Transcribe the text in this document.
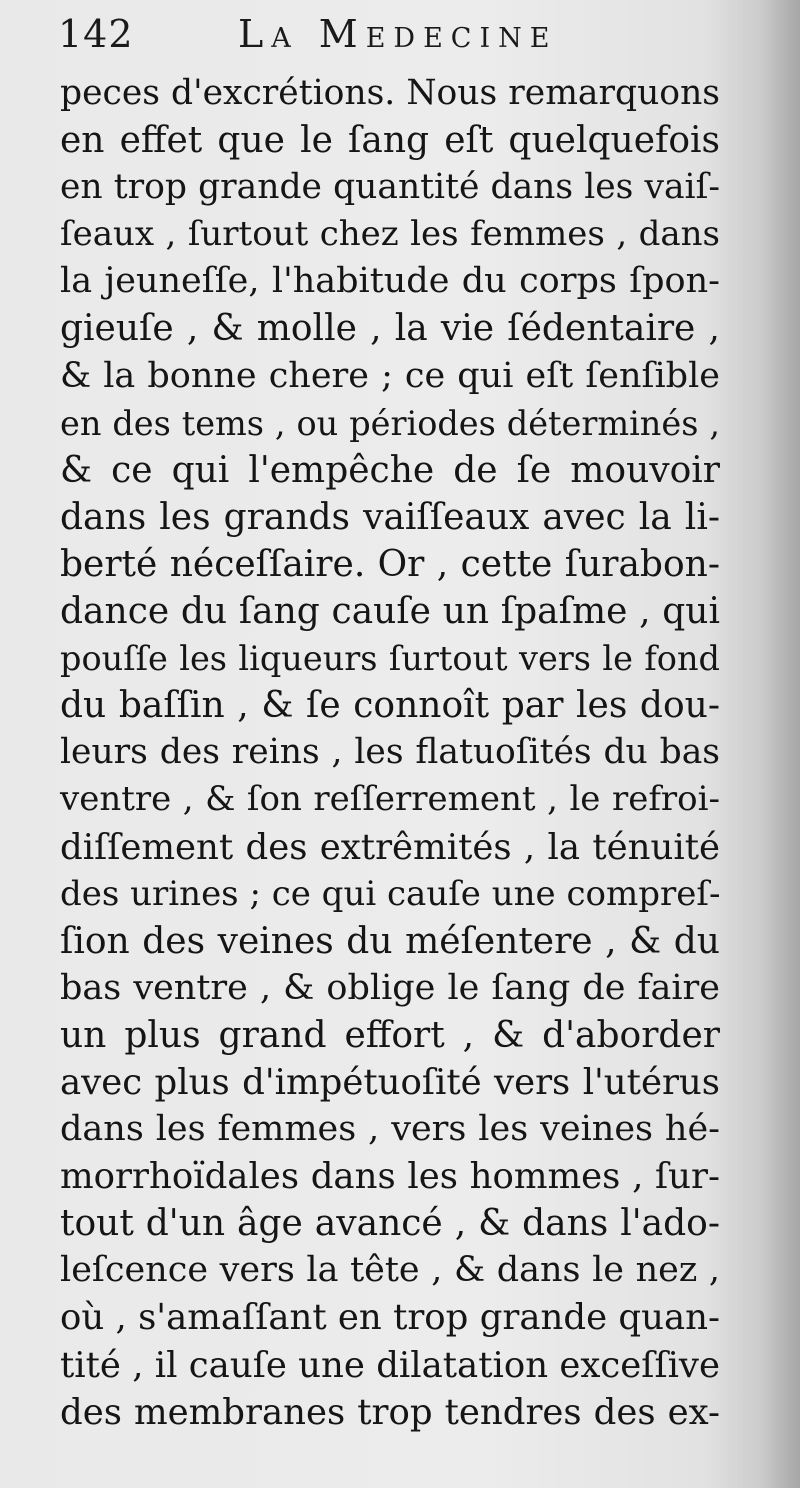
142	La Medecine
peces d'excrétions. Nous remarquons
en effet que le ſang eſt quelquefois
en trop grande quantité dans les vaiſ-
ſeaux , ſurtout chez les femmes , dans
la jeuneſſe, l'habitude du corps ſpon-
gieuſe , & molle , la vie ſédentaire ,
& la bonne chere ; ce qui eſt ſenſible
en des tems , ou périodes déterminés ,
& ce qui l'empêche de ſe mouvoir
dans les grands vaiſſeaux avec la li-
berté néceſſaire. Or , cette ſurabon-
dance du ſang cauſe un ſpaſme , qui
pouſſe les liqueurs ſurtout vers le fond
du baſſin , & ſe connoît par les dou-
leurs des reins , les flatuoſités du bas
ventre , & ſon reſſerrement , le refroi-
diſſement des extrêmités , la ténuité
des urines ; ce qui cauſe une compreſ-
ſion des veines du méſentere , & du
bas ventre , & oblige le ſang de faire
un plus grand effort , & d'aborder
avec plus d'impétuoſité vers l'utérus
dans les femmes , vers les veines hé-
morrhoïdales dans les hommes , ſur-
tout d'un âge avancé , & dans l'ado-
leſcence vers la tête , & dans le nez ,
où , s'amaſſant en trop grande quan-
tité , il cauſe une dilatation exceſſive
des membranes trop tendres des ex-
